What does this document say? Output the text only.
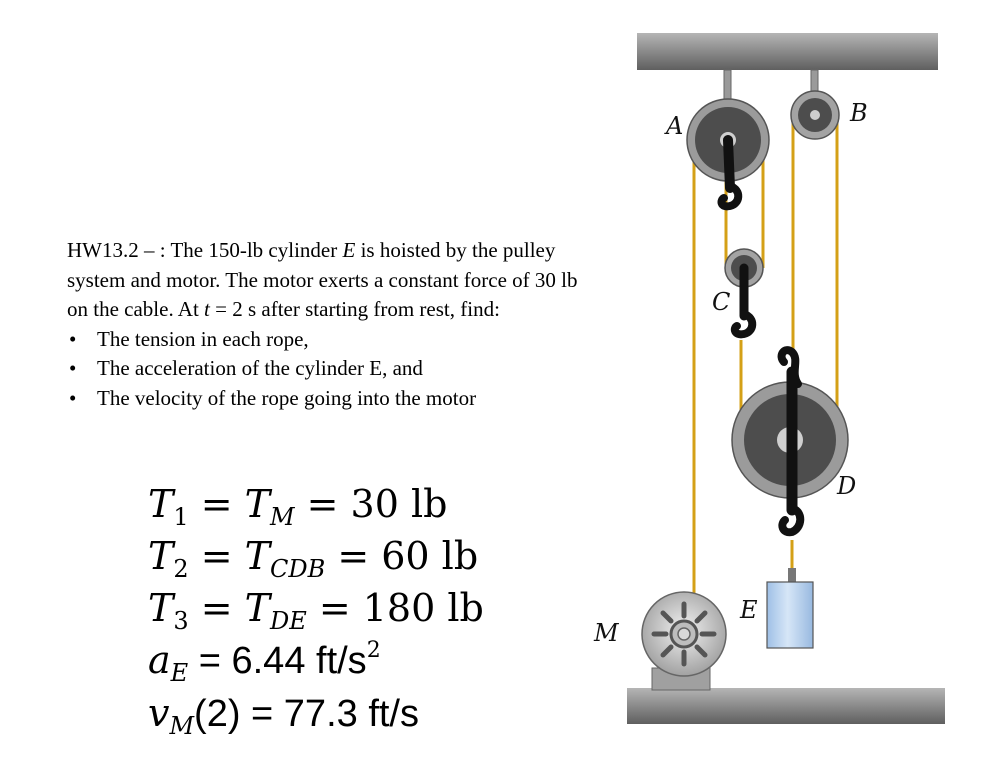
HW13.2 – : The 150-lb cylinder E is hoisted by the pulley system and motor. The motor exerts a constant force of 30 lb on the cable. At t = 2 s after starting from rest, find:

• The tension in each rope,
• The acceleration of the cylinder E, and
• The velocity of the rope going into the motor
$T_1 = T_M = 30$ lb
$T_2 = T_{CDB} = 60$ lb
$T_3 = T_{DE} = 180$ lb
$a_E = 6.44$ $ft/s^2$
$v_M(2) = 77.3$ ft/s
A	B
C
D
E
M
